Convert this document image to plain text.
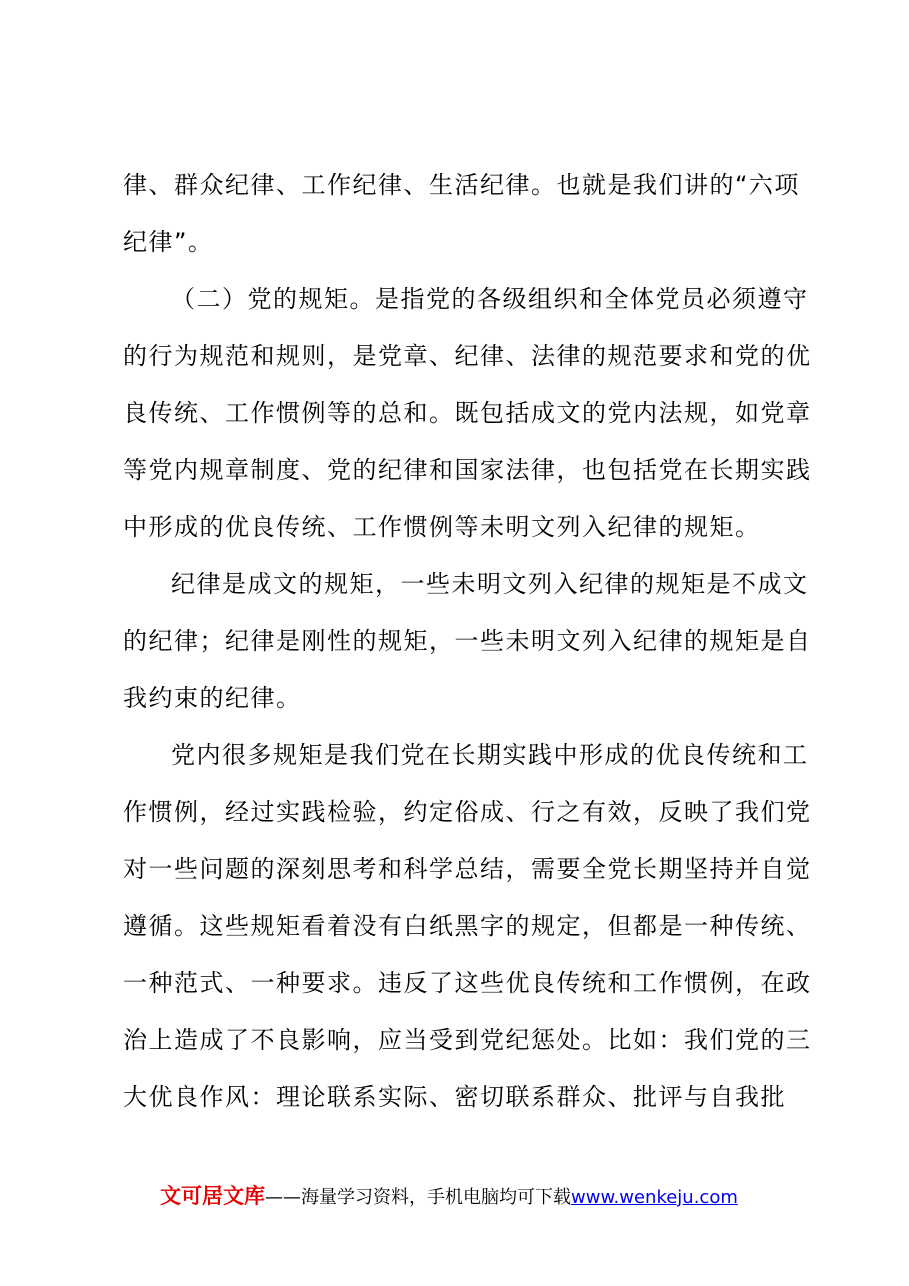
律、群众纪律、工作纪律、生活纪律。也就是我们讲的“六项
纪律”。
（二）党的规矩。是指党的各级组织和全体党员必须遵守
的行为规范和规则，是党章、纪律、法律的规范要求和党的优
良传统、工作惯例等的总和。既包括成文的党内法规，如党章
等党内规章制度、党的纪律和国家法律，也包括党在长期实践
中形成的优良传统、工作惯例等未明文列入纪律的规矩。
纪律是成文的规矩，一些未明文列入纪律的规矩是不成文
的纪律；纪律是刚性的规矩，一些未明文列入纪律的规矩是自
我约束的纪律。
党内很多规矩是我们党在长期实践中形成的优良传统和工
作惯例，经过实践检验，约定俗成、行之有效，反映了我们党
对一些问题的深刻思考和科学总结，需要全党长期坚持并自觉
遵循。这些规矩看着没有白纸黑字的规定，但都是一种传统、
一种范式、一种要求。违反了这些优良传统和工作惯例，在政
治上造成了不良影响，应当受到党纪惩处。比如：我们党的三
大优良作风：理论联系实际、密切联系群众、批评与自我批
文可居文库——海量学习资料，手机电脑均可下载www.wenkeju.com
